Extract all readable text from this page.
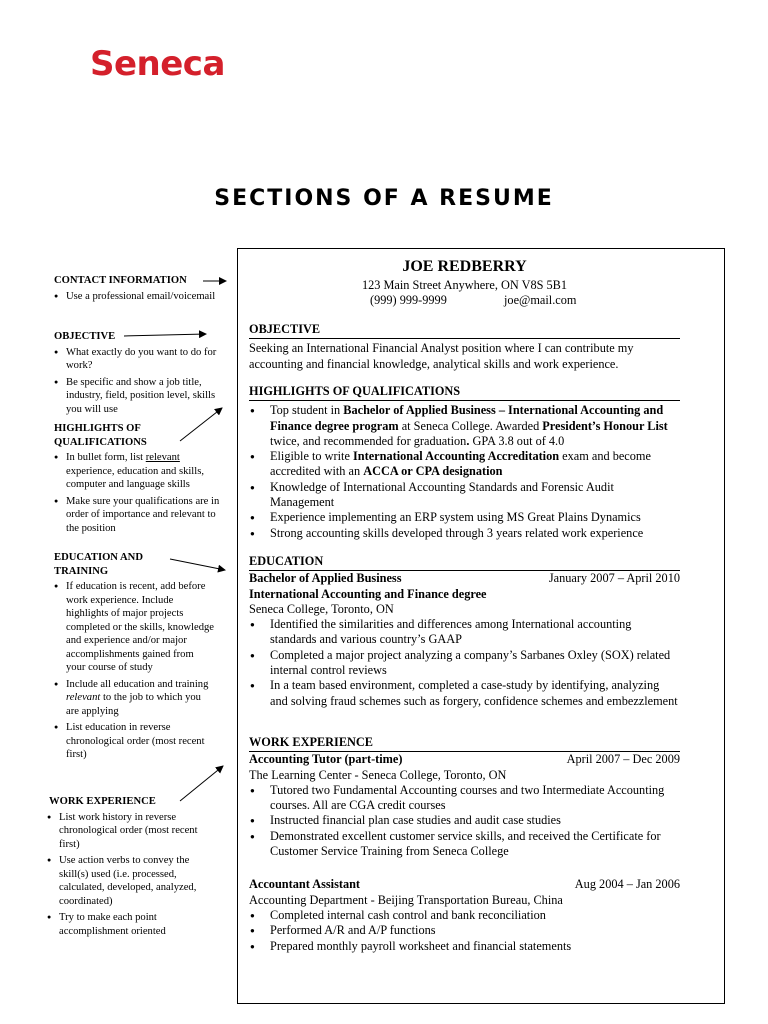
Seneca
SECTIONS OF A RESUME
CONTACT INFORMATION
● Use a professional email/voicemail
OBJECTIVE
● What exactly do you want to do for work?
● Be specific and show a job title, industry, field, position level, skills you will use
HIGHLIGHTS OF QUALIFICATIONS
● In bullet form, list relevant experience, education and skills, computer and language skills
● Make sure your qualifications are in order of importance and relevant to the position
EDUCATION AND TRAINING
● If education is recent, add before work experience. Include highlights of major projects completed or the skills, knowledge and experience and/or major accomplishments gained from your course of study
● Include all education and training relevant to the job to which you are applying
● List education in reverse chronological order (most recent first)
WORK EXPERIENCE
● List work history in reverse chronological order (most recent first)
● Use action verbs to convey the skill(s) used (i.e. processed, calculated, developed, analyzed, coordinated)
● Try to make each point accomplishment oriented
JOE REDBERRY
123 Main Street Anywhere, ON V8S 5B1
(999) 999-9999	joe@mail.com
OBJECTIVE
Seeking an International Financial Analyst position where I can contribute my accounting and financial knowledge, analytical skills and work experience.
HIGHLIGHTS OF QUALIFICATIONS
● Top student in Bachelor of Applied Business – International Accounting and Finance degree program at Seneca College. Awarded President’s Honour List twice, and recommended for graduation. GPA 3.8 out of 4.0
● Eligible to write International Accounting Accreditation exam and become accredited with an ACCA or CPA designation
● Knowledge of International Accounting Standards and Forensic Audit Management
● Experience implementing an ERP system using MS Great Plains Dynamics
● Strong accounting skills developed through 3 years related work experience
EDUCATION
Bachelor of Applied Business	January 2007 – April 2010
International Accounting and Finance degree
Seneca College, Toronto, ON
● Identified the similarities and differences among International accounting standards and various country’s GAAP
● Completed a major project analyzing a company’s Sarbanes Oxley (SOX) related internal control reviews
● In a team based environment, completed a case-study by identifying, analyzing and solving fraud schemes such as forgery, confidence schemes and embezzlement
WORK EXPERIENCE
Accounting Tutor (part-time)	April 2007 – Dec 2009
The Learning Center - Seneca College, Toronto, ON
● Tutored two Fundamental Accounting courses and two Intermediate Accounting courses. All are CGA credit courses
● Instructed financial plan case studies and audit case studies
● Demonstrated excellent customer service skills, and received the Certificate for Customer Service Training from Seneca College
Accountant Assistant	Aug 2004 – Jan 2006
Accounting Department - Beijing Transportation Bureau, China
● Completed internal cash control and bank reconciliation
● Performed A/R and A/P functions
● Prepared monthly payroll worksheet and financial statements
